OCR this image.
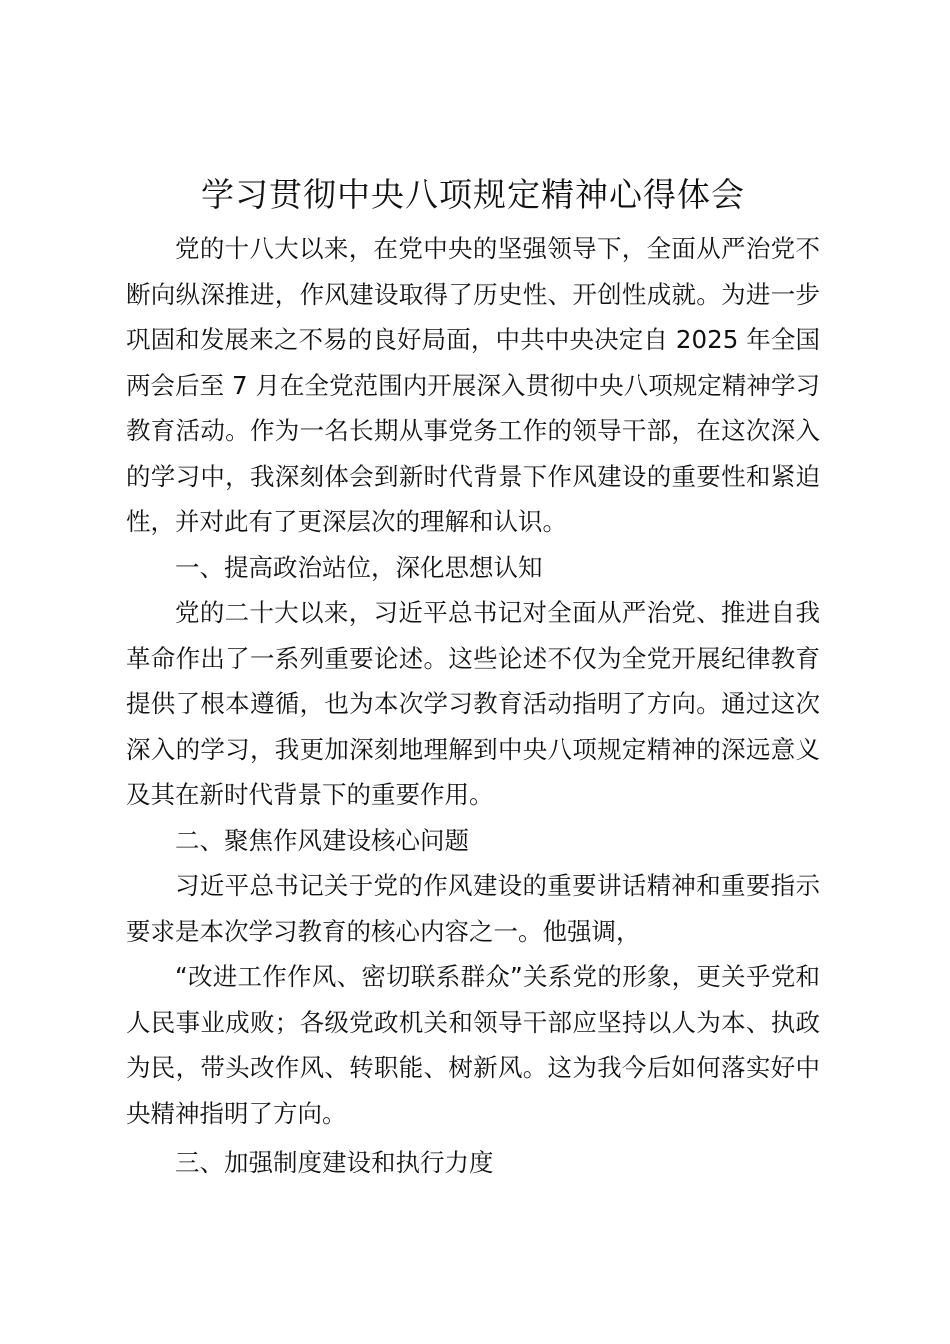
学习贯彻中央八项规定精神心得体会

党的十八大以来，在党中央的坚强领导下，全面从严治党不断向纵深推进，作风建设取得了历史性、开创性成就。为进一步巩固和发展来之不易的良好局面，中共中央决定自 2025 年全国两会后至 7 月在全党范围内开展深入贯彻中央八项规定精神学习教育活动。作为一名长期从事党务工作的领导干部，在这次深入的学习中，我深刻体会到新时代背景下作风建设的重要性和紧迫性，并对此有了更深层次的理解和认识。

一、提高政治站位，深化思想认知

党的二十大以来，习近平总书记对全面从严治党、推进自我革命作出了一系列重要论述。这些论述不仅为全党开展纪律教育提供了根本遵循，也为本次学习教育活动指明了方向。通过这次深入的学习，我更加深刻地理解到中央八项规定精神的深远意义及其在新时代背景下的重要作用。

二、聚焦作风建设核心问题

习近平总书记关于党的作风建设的重要讲话精神和重要指示要求是本次学习教育的核心内容之一。他强调，

“改进工作作风、密切联系群众”关系党的形象，更关乎党和人民事业成败；各级党政机关和领导干部应坚持以人为本、执政为民，带头改作风、转职能、树新风。这为我今后如何落实好中央精神指明了方向。

三、加强制度建设和执行力度
